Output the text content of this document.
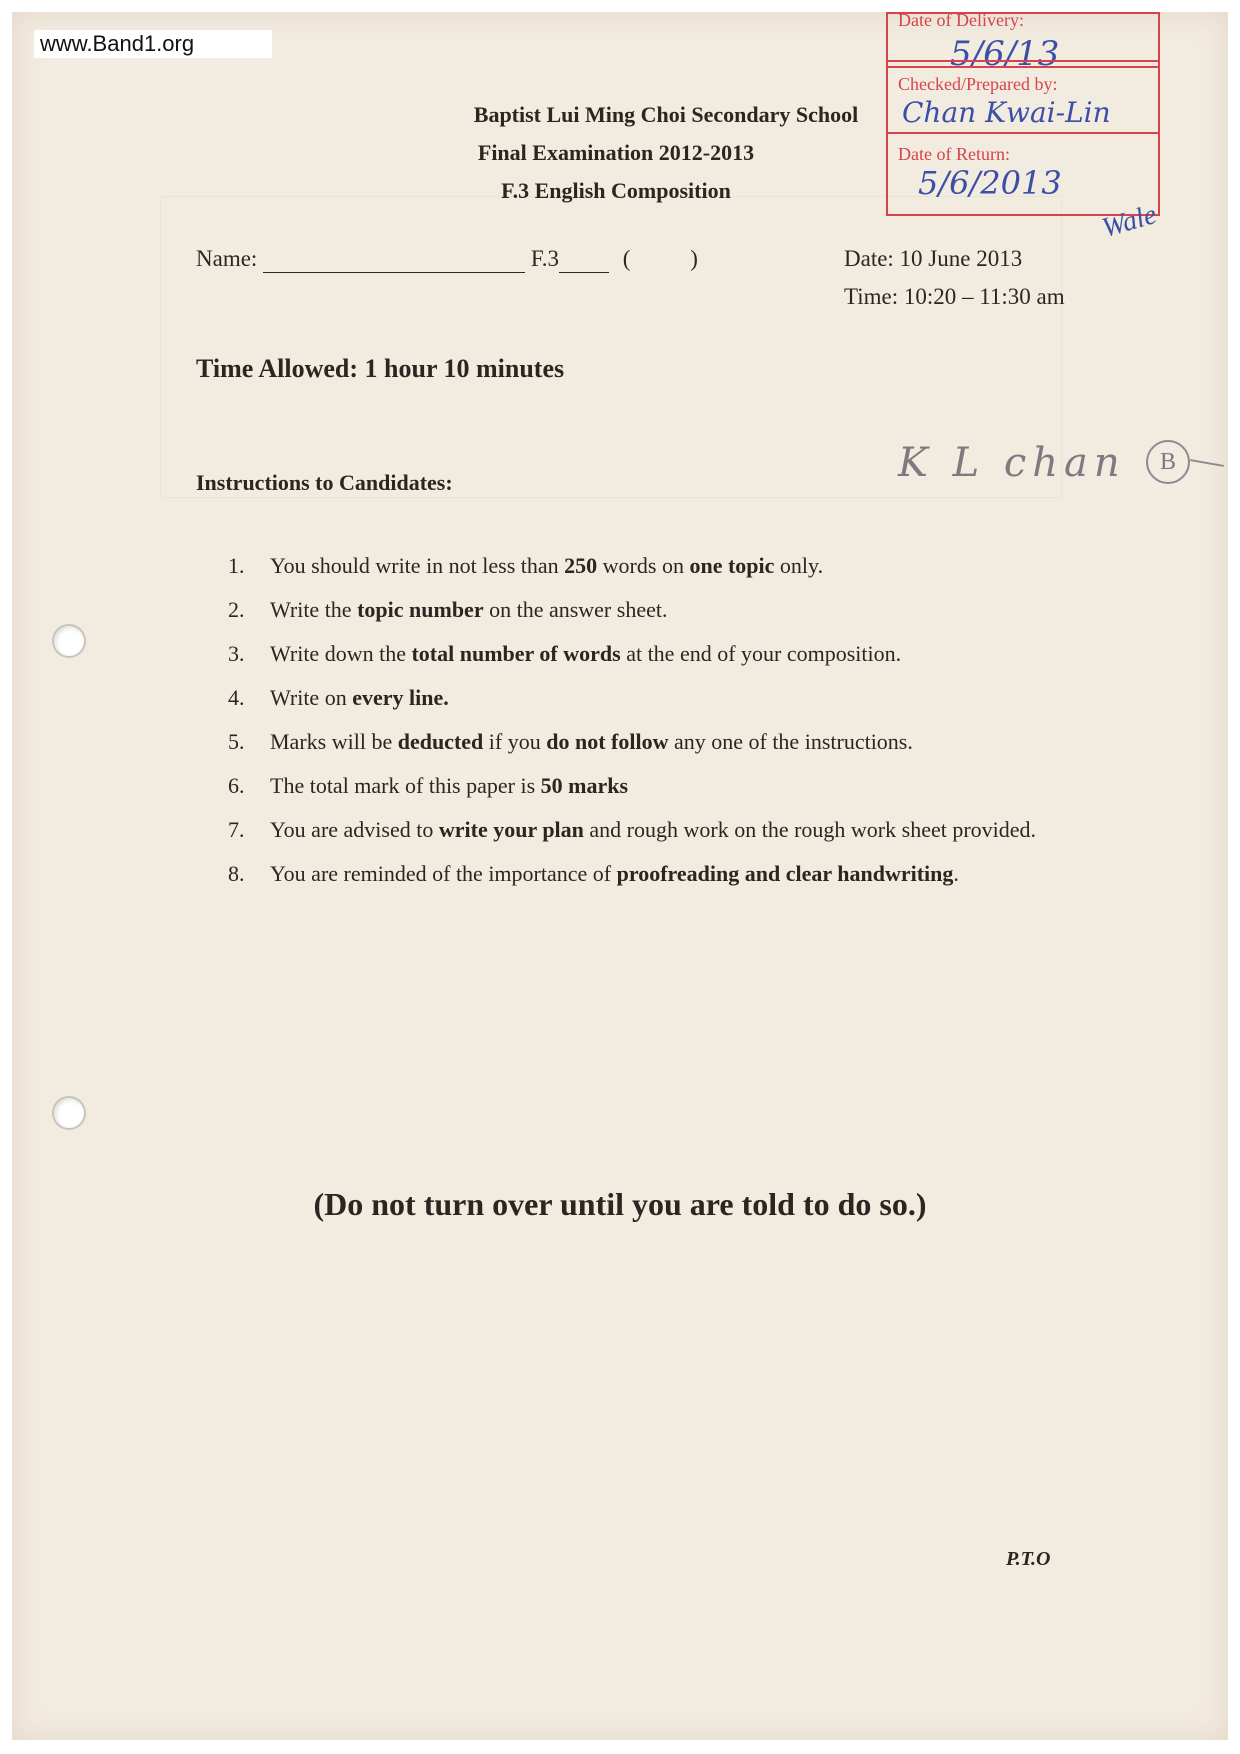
www.Band1.org
Baptist Lui Ming Choi Secondary School
Final Examination 2012-2013
F.3 English Composition
Date of Delivery:
5/6/13
Checked/Prepared by:
Chan Kwai-Lin
Date of Return:
5/6/2013
Wale
K L chan	B
Name:	F.3	(	)	Date: 10 June 2013
Time: 10:20 – 11:30 am
Time Allowed: 1 hour 10 minutes
Instructions to Candidates:
1. You should write in not less than 250 words on one topic only.
2. Write the topic number on the answer sheet.
3. Write down the total number of words at the end of your composition.
4. Write on every line.
5. Marks will be deducted if you do not follow any one of the instructions.
6. The total mark of this paper is 50 marks
7. You are advised to write your plan and rough work on the rough work sheet provided.
8. You are reminded of the importance of proofreading and clear handwriting.
(Do not turn over until you are told to do so.)
P.T.O
